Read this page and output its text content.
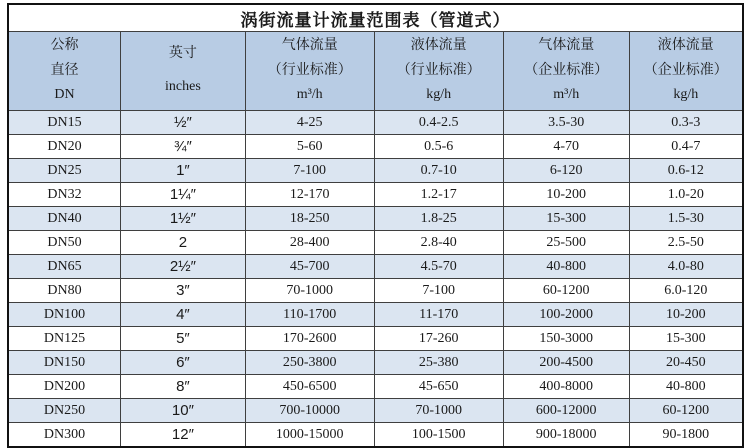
涡街流量计流量范围表（管道式）					

公称
直径
DN

英寸
inches

气体流量
（行业标准）
m³/h

液体流量
（行业标准）
kg/h

气体流量
（企业标准）
m³/h

液体流量
（企业标准）
kg/h

DN15	½″	4-25	0.4-2.5	3.5-30	0.3-3
DN20	¾″	5-60	0.5-6	4-70	0.4-7
DN25	1″	7-100	0.7-10	6-120	0.6-12
DN32	1¼″	12-170	1.2-17	10-200	1.0-20
DN40	1½″	18-250	1.8-25	15-300	1.5-30
DN50	2	28-400	2.8-40	25-500	2.5-50
DN65	2½″	45-700	4.5-70	40-800	4.0-80
DN80	3″	70-1000	7-100	60-1200	6.0-120
DN100	4″	110-1700	11-170	100-2000	10-200
DN125	5″	170-2600	17-260	150-3000	15-300
DN150	6″	250-3800	25-380	200-4500	20-450
DN200	8″	450-6500	45-650	400-8000	40-800
DN250	10″	700-10000	70-1000	600-12000	60-1200
DN300	12″	1000-15000	100-1500	900-18000	90-1800
